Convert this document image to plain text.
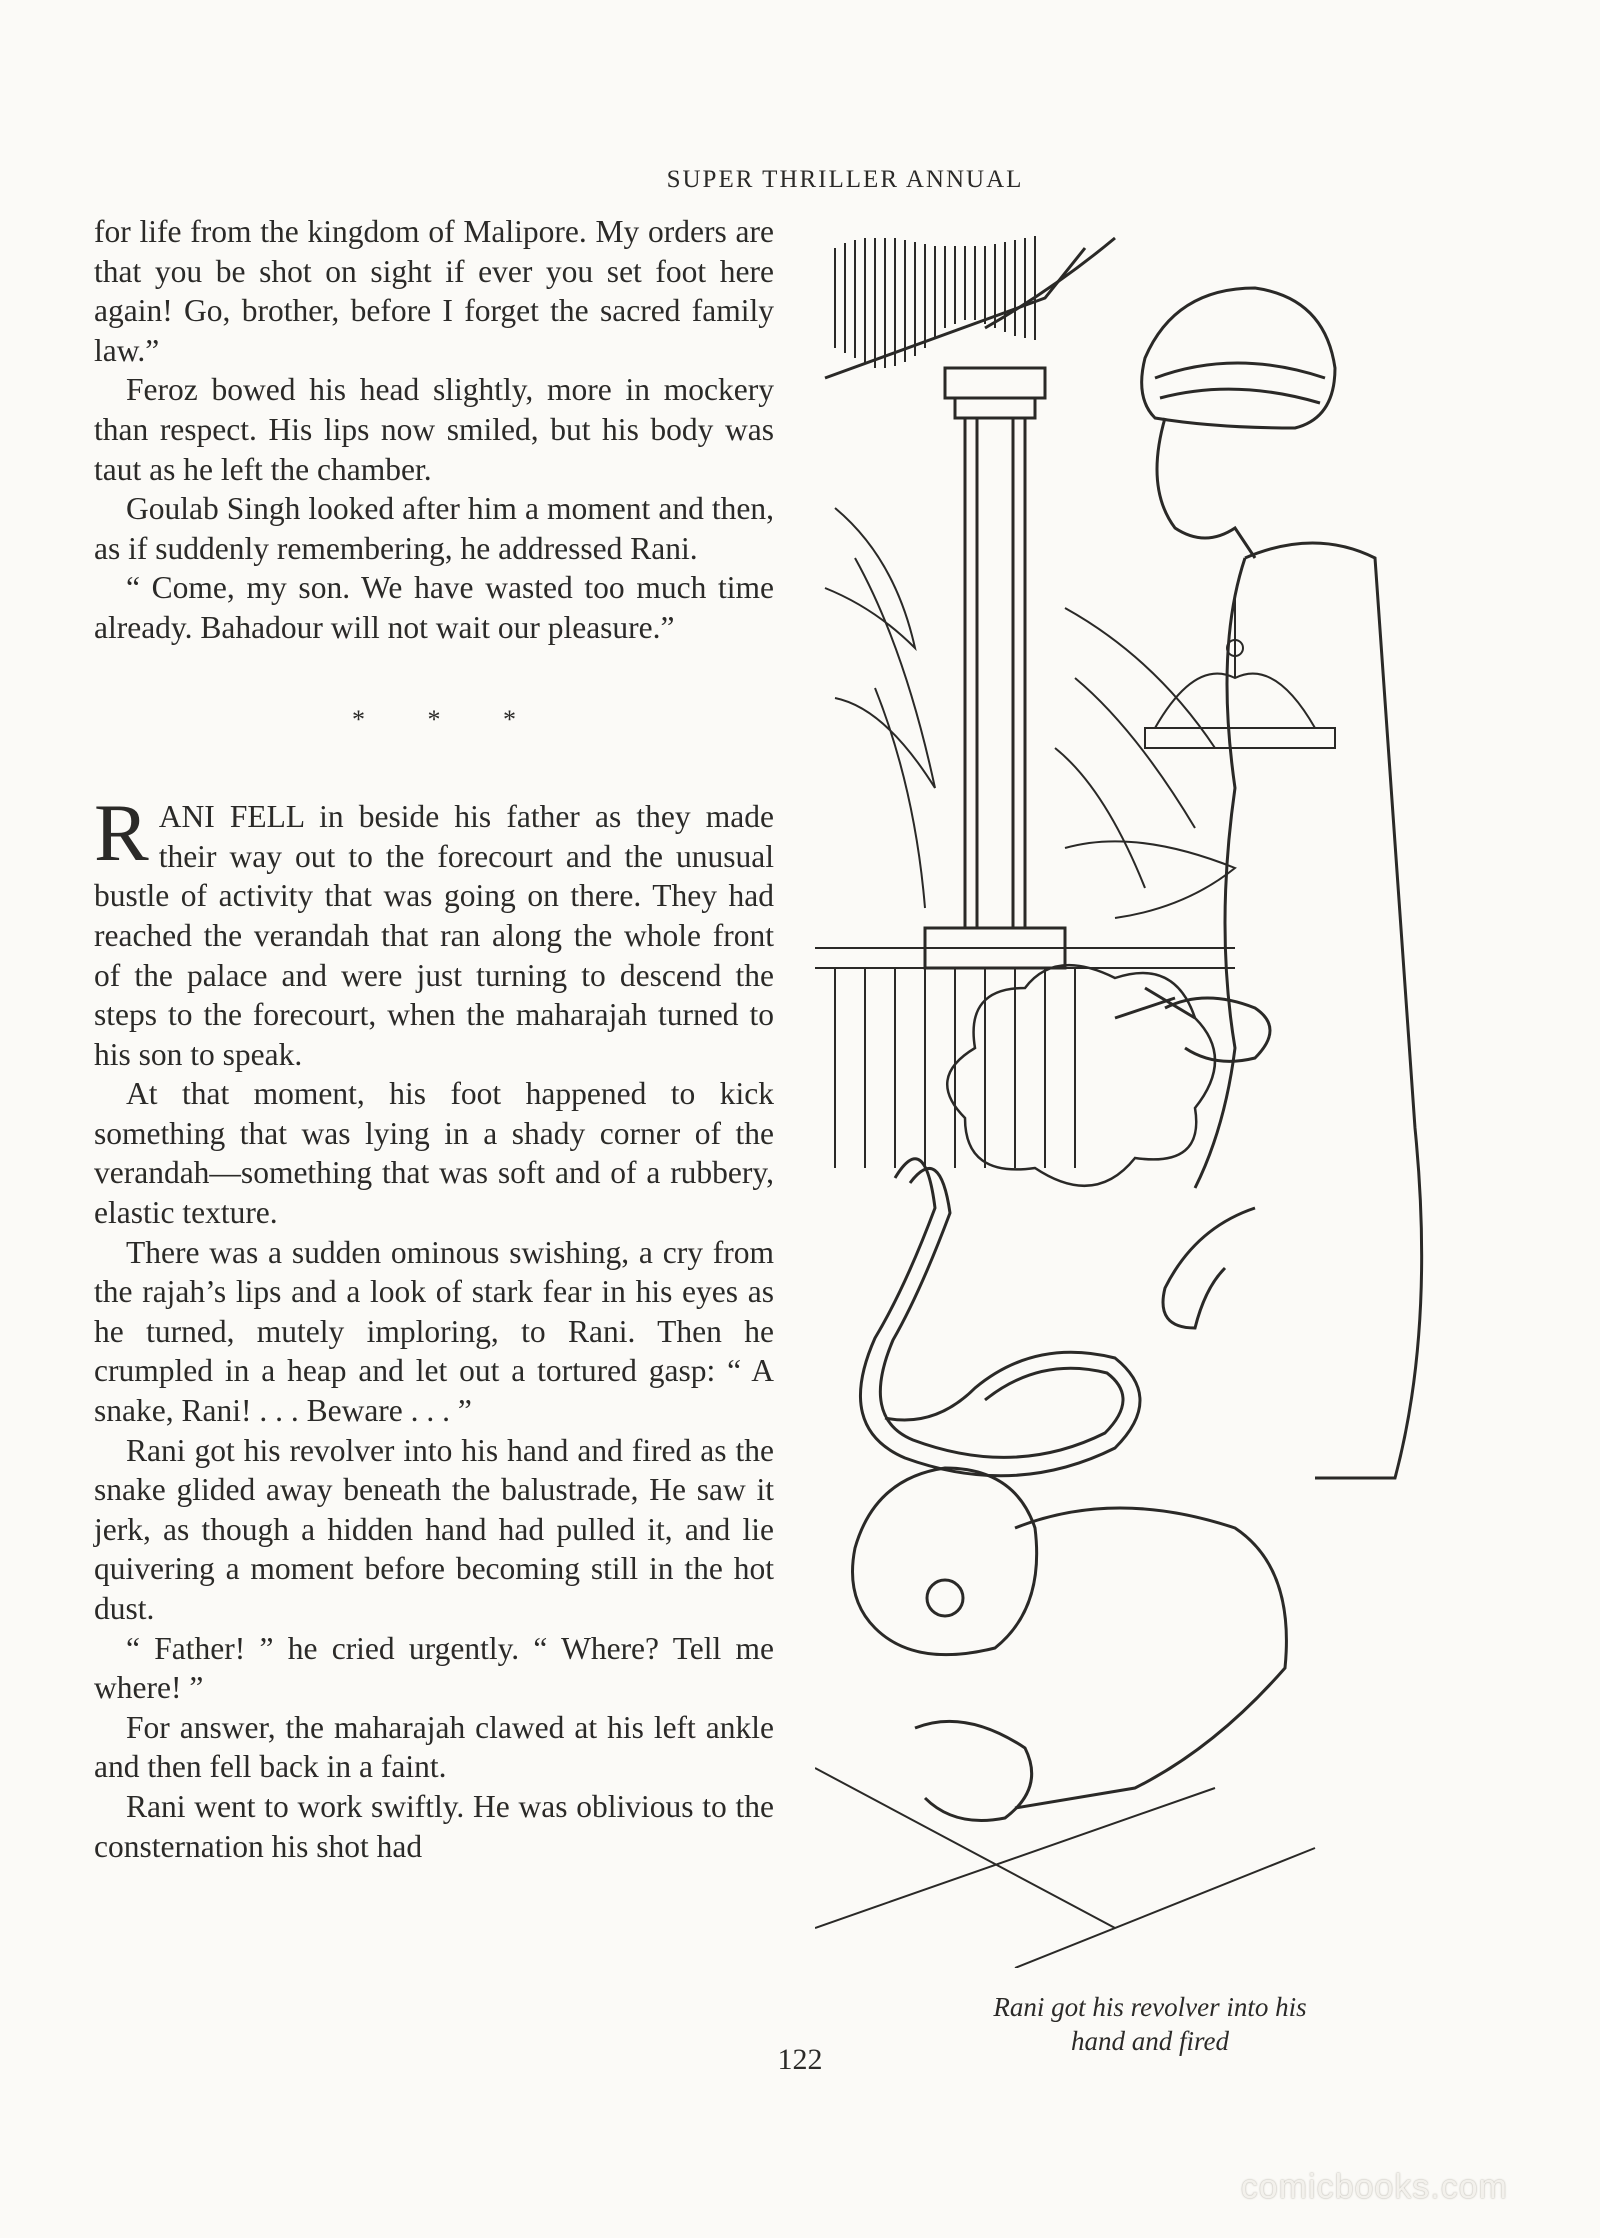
SUPER THRILLER ANNUAL

for life from the kingdom of Malipore. My orders are that you be shot on sight if ever you set foot here again! Go, brother, before I forget the sacred family law.”

Feroz bowed his head slightly, more in mockery than respect. His lips now smiled, but his body was taut as he left the chamber.

Goulab Singh looked after him a moment and then, as if suddenly remembering, he addressed Rani.

“ Come, my son. We have wasted too much time already. Bahadour will not wait our pleasure.”

* * *

RANI FELL in beside his father as they made their way out to the forecourt and the unusual bustle of activity that was going on there. They had reached the verandah that ran along the whole front of the palace and were just turning to descend the steps to the forecourt, when the maharajah turned to his son to speak.

At that moment, his foot happened to kick something that was lying in a shady corner of the verandah—something that was soft and of a rubbery, elastic texture.

There was a sudden ominous swishing, a cry from the rajah’s lips and a look of stark fear in his eyes as he turned, mutely imploring, to Rani. Then he crumpled in a heap and let out a tortured gasp: “ A snake, Rani! . . . Beware . . . ”

Rani got his revolver into his hand and fired as the snake glided away beneath the balustrade, He saw it jerk, as though a hidden hand had pulled it, and lie quivering a moment before becoming still in the hot dust.

“ Father! ” he cried urgently. “ Where? Tell me where! ”

For answer, the maharajah clawed at his left ankle and then fell back in a faint.

Rani went to work swiftly. He was oblivious to the consternation his shot had

Rani got his revolver into his
hand and fired
122
comicbooks.com
